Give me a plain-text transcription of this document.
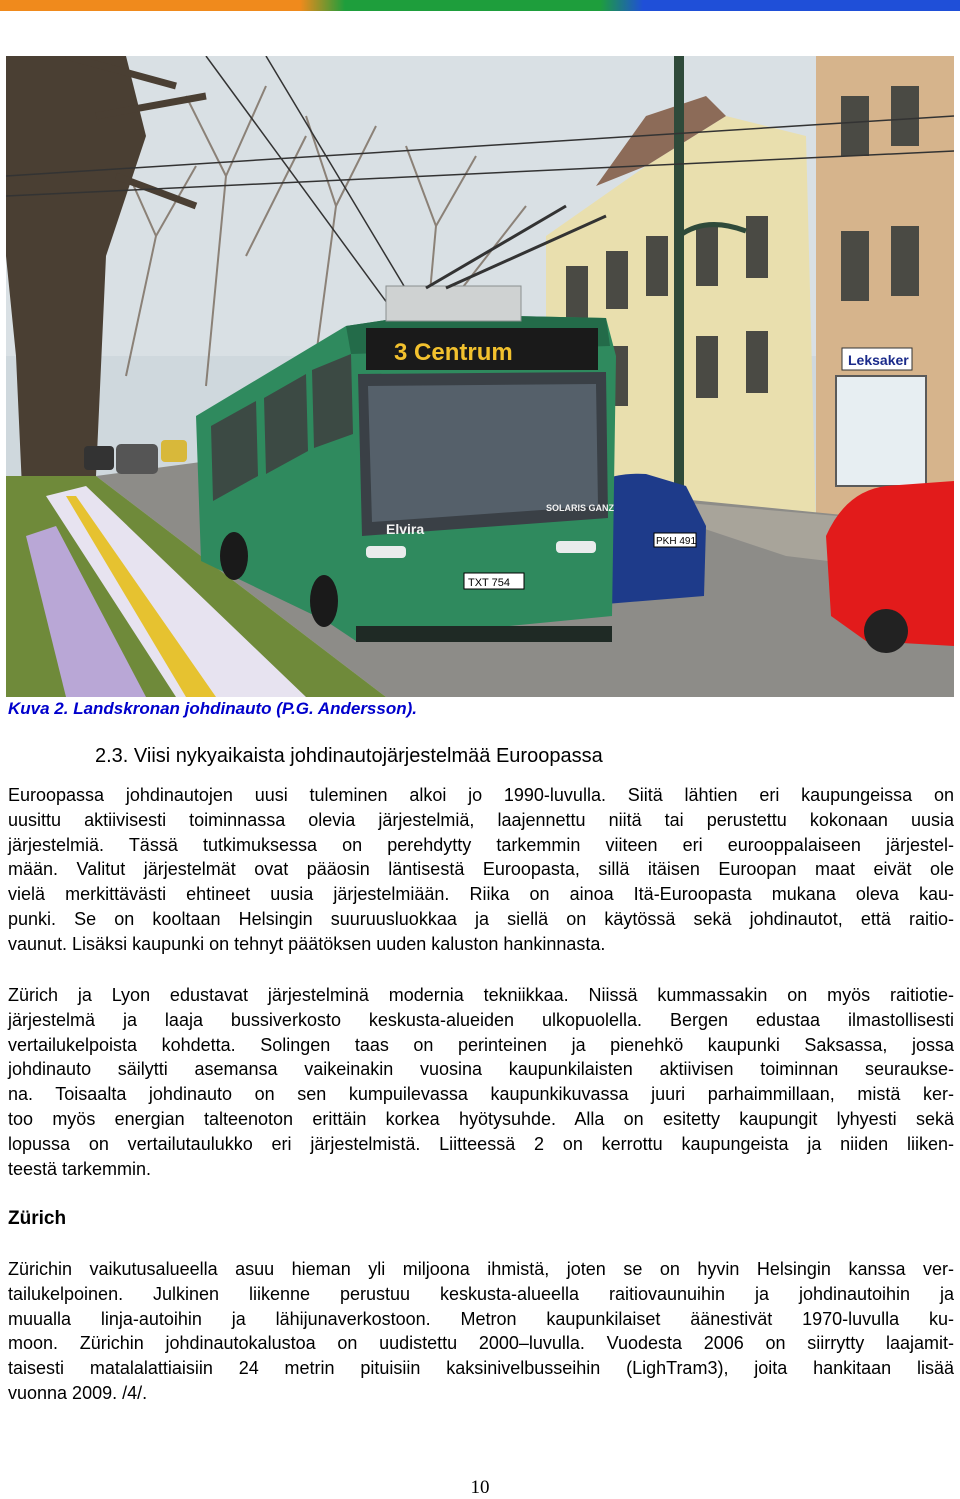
Leksaker
PKH 491
3 Centrum
Elvira
SOLARIS GANZ
TXT 754
Kuva 2. Landskronan johdinauto (P.G. Andersson).
2.3. Viisi nykyaikaista johdinautojärjestelmää Euroopassa
Euroopassa johdinautojen uusi tuleminen alkoi jo 1990-luvulla. Siitä lähtien eri kaupungeissa on
uusittu aktiivisesti toiminnassa olevia järjestelmiä, laajennettu niitä tai perustettu kokonaan uusia
järjestelmiä. Tässä tutkimuksessa on perehdytty tarkemmin viiteen eri eurooppalaiseen järjestel-
mään. Valitut järjestelmät ovat pääosin läntisestä Euroopasta, sillä itäisen Euroopan maat eivät ole
vielä merkittävästi ehtineet uusia järjestelmiään. Riika on ainoa Itä-Euroopasta mukana oleva kau-
punki. Se on kooltaan Helsingin suuruusluokkaa ja siellä on käytössä sekä johdinautot, että raitio-
vaunut. Lisäksi kaupunki on tehnyt päätöksen uuden kaluston hankinnasta.
Zürich ja Lyon edustavat järjestelminä modernia tekniikkaa. Niissä kummassakin on myös raitiotie-
järjestelmä ja laaja bussiverkosto keskusta-alueiden ulkopuolella. Bergen edustaa ilmastollisesti
vertailukelpoista kohdetta. Solingen taas on perinteinen ja pienehkö kaupunki Saksassa, jossa
johdinauto säilytti asemansa vaikeinakin vuosina kaupunkilaisten aktiivisen toiminnan seuraukse-
na. Toisaalta johdinauto on sen kumpuilevassa kaupunkikuvassa juuri parhaimmillaan, mistä ker-
too myös energian talteenoton erittäin korkea hyötysuhde. Alla on esitetty kaupungit lyhyesti sekä
lopussa on vertailutaulukko eri järjestelmistä. Liitteessä 2 on kerrottu kaupungeista ja niiden liiken-
teestä tarkemmin.
Zürich
Zürichin vaikutusalueella asuu hieman yli miljoona ihmistä, joten se on hyvin Helsingin kanssa ver-
tailukelpoinen. Julkinen liikenne perustuu keskusta-alueella raitiovaunuihin ja johdinautoihin ja
muualla linja-autoihin ja lähijunaverkostoon. Metron kaupunkilaiset äänestivät 1970-luvulla ku-
moon. Zürichin johdinautokalustoa on uudistettu 2000–luvulla. Vuodesta 2006 on siirrytty laajamit-
taisesti matalalattiaisiin 24 metrin pituisiin kaksinivelbusseihin (LighTram3), joita hankitaan lisää
vuonna 2009. /4/.
10
